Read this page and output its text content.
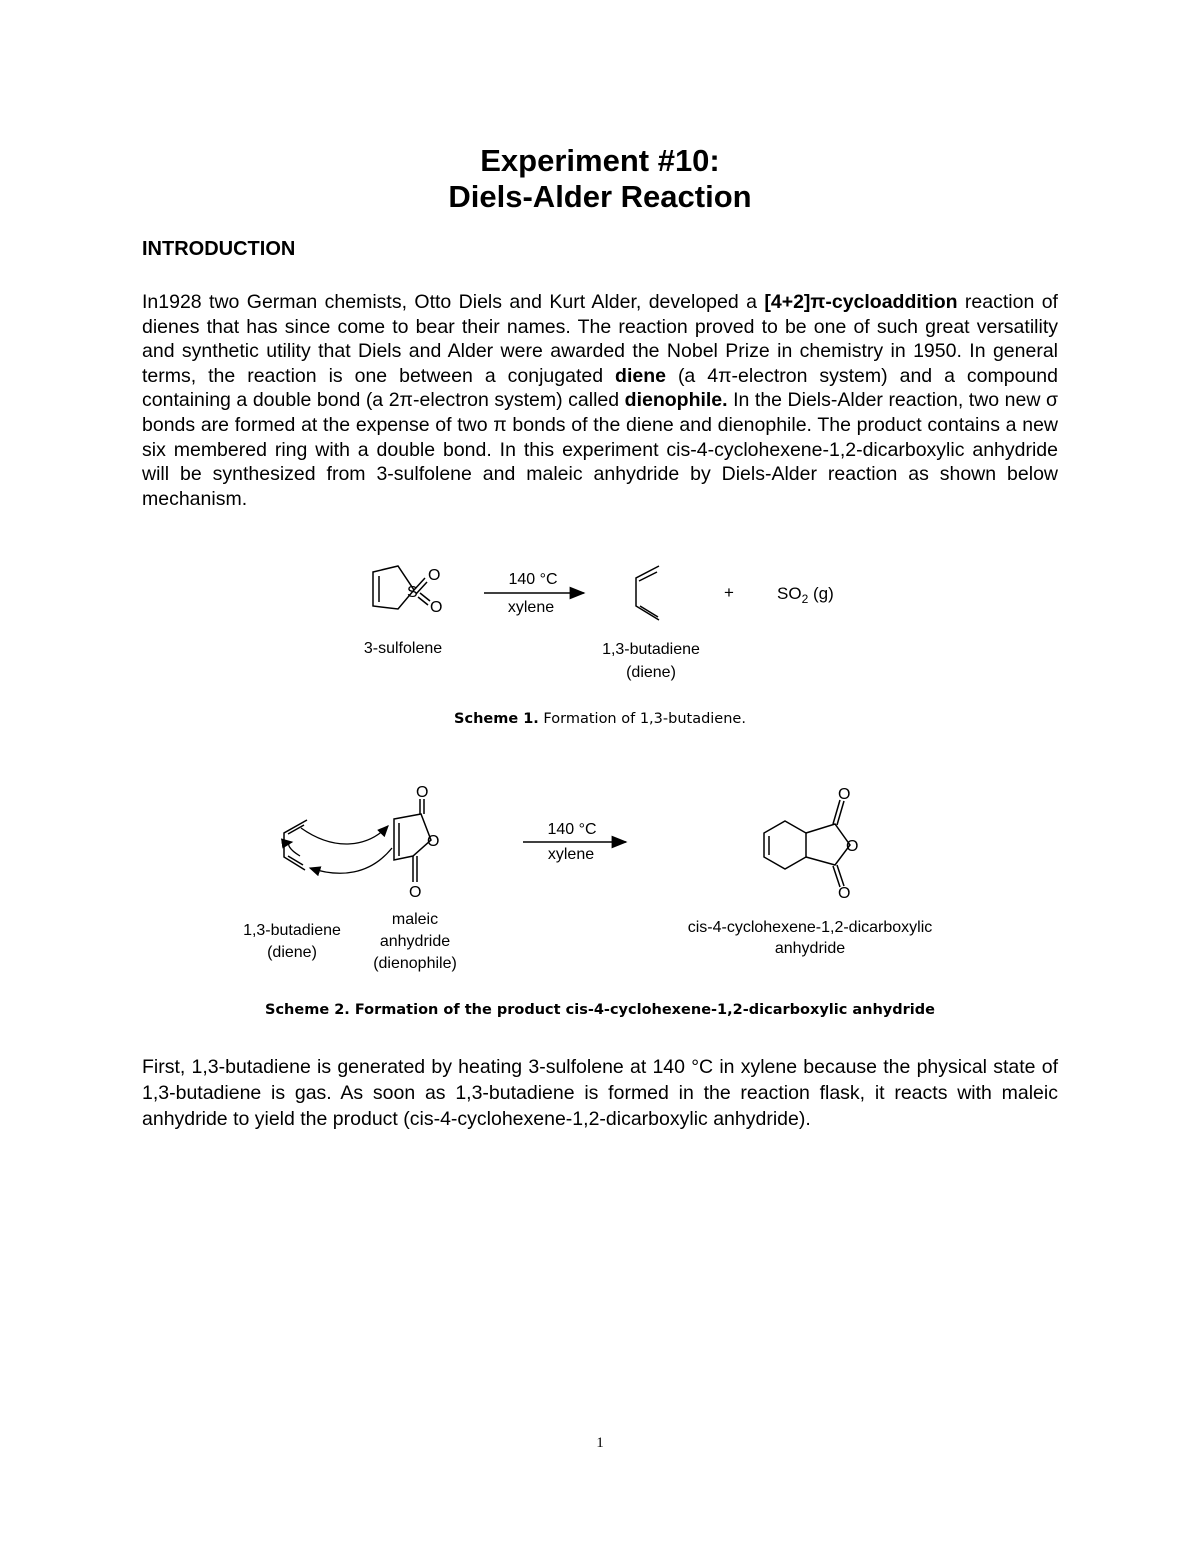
Experiment #10:
Diels-Alder Reaction
INTRODUCTION
In1928 two German chemists, Otto Diels and Kurt Alder, developed a [4+2]π-cycloaddition reaction of dienes that has since come to bear their names. The reaction proved to be one of such great versatility and synthetic utility that Diels and Alder were awarded the Nobel Prize in chemistry in 1950. In general terms, the reaction is one between a conjugated diene (a 4π-electron system) and a compound containing a double bond (a 2π-electron system) called dienophile. In the Diels-Alder reaction, two new σ bonds are formed at the expense of two π bonds of the diene and dienophile. The product contains a new six membered ring with a double bond. In this experiment cis-4-cyclohexene-1,2-dicarboxylic anhydride will be synthesized from 3-sulfolene and maleic anhydride by Diels-Alder reaction as shown below mechanism.
S
O
O
3-sulfolene
140 °C
xylene
1,3-butadiene
(diene)
+	$SO_2$ (g)
O
O
O
1,3-butadiene
(diene)
maleic
anhydride
(dienophile)
140 °C
xylene
O
O
O
cis-4-cyclohexene-1,2-dicarboxylic
anhydride
Scheme 1. Formation of 1,3-butadiene.
Scheme 2. Formation of the product cis-4-cyclohexene-1,2-dicarboxylic anhydride
First, 1,3-butadiene is generated by heating 3-sulfolene at 140 °C in xylene because the physical state of 1,3-butadiene is gas. As soon as 1,3-butadiene is formed in the reaction flask, it reacts with maleic anhydride to yield the product (cis-4-cyclohexene-1,2-dicarboxylic anhydride).
1
